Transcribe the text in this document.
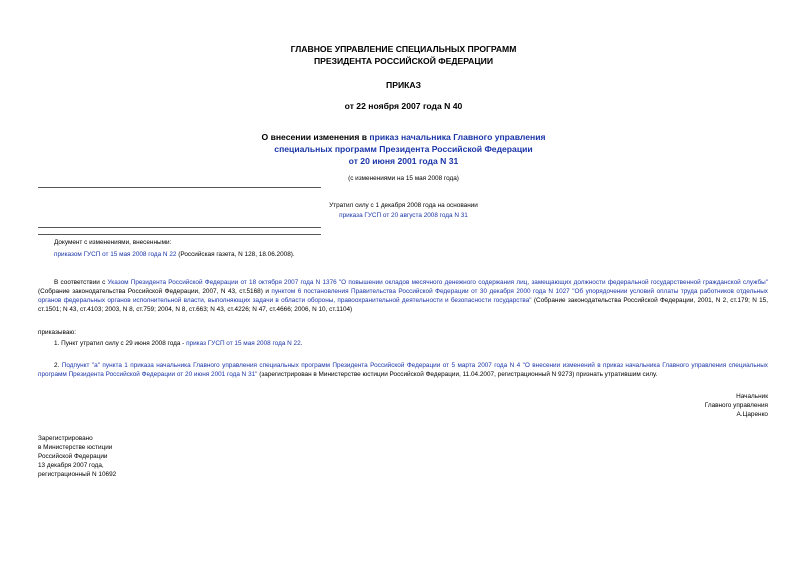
ГЛАВНОЕ УПРАВЛЕНИЕ СПЕЦИАЛЬНЫХ ПРОГРАММ
ПРЕЗИДЕНТА РОССИЙСКОЙ ФЕДЕРАЦИИ
ПРИКАЗ
от 22 ноября 2007 года N 40
О внесении изменения в приказ начальника Главного управления
специальных программ Президента Российской Федерации
от 20 июня 2001 года N 31
(с изменениями на 15 мая 2008 года)
Утратил силу с 1 декабря 2008 года на основании
приказа ГУСП от 20 августа 2008 года N 31
Документ с изменениями, внесенными:
приказом ГУСП от 15 мая 2008 года N 22 (Российская газета, N 128, 18.06.2008).
В соответствии с Указом Президента Российской Федерации от 18 октября 2007 года N 1376 "О повышении окладов месячного денежного содержания лиц, замещающих должности федеральной государственной гражданской службы" (Собрание законодательства Российской Федерации, 2007, N 43, ст.5168) и пунктом 6 постановления Правительства Российской Федерации от 30 декабря 2000 года N 1027 "Об упорядочении условий оплаты труда работников отдельных органов федеральных органов исполнительной власти, выполняющих задачи в области обороны, правоохранительной деятельности и безопасности государства" (Собрание законодательства Российской Федерации, 2001, N 2, ст.179; N 15, ст.1501; N 43, ст.4103; 2003, N 8, ст.759; 2004, N 8, ст.663; N 43, ст.4226; N 47, ст.4666; 2006, N 10, ст.1104)
приказываю:
1. Пункт утратил силу с 29 июня 2008 года - приказ ГУСП от 15 мая 2008 года N 22.
2. Подпункт "а" пункта 1 приказа начальника Главного управления специальных программ Президента Российской Федерации от 5 марта 2007 года N 4 "О внесении изменений в приказ начальника Главного управления специальных программ Президента Российской Федерации от 20 июня 2001 года N 31" (зарегистрирован в Министерстве юстиции Российской Федерации, 11.04.2007, регистрационный N 9273) признать утратившим силу.
Начальник
Главного управления
А.Царенко
Зарегистрировано
в Министерстве юстиции
Российской Федерации
13 декабря 2007 года,
регистрационный N 10692
